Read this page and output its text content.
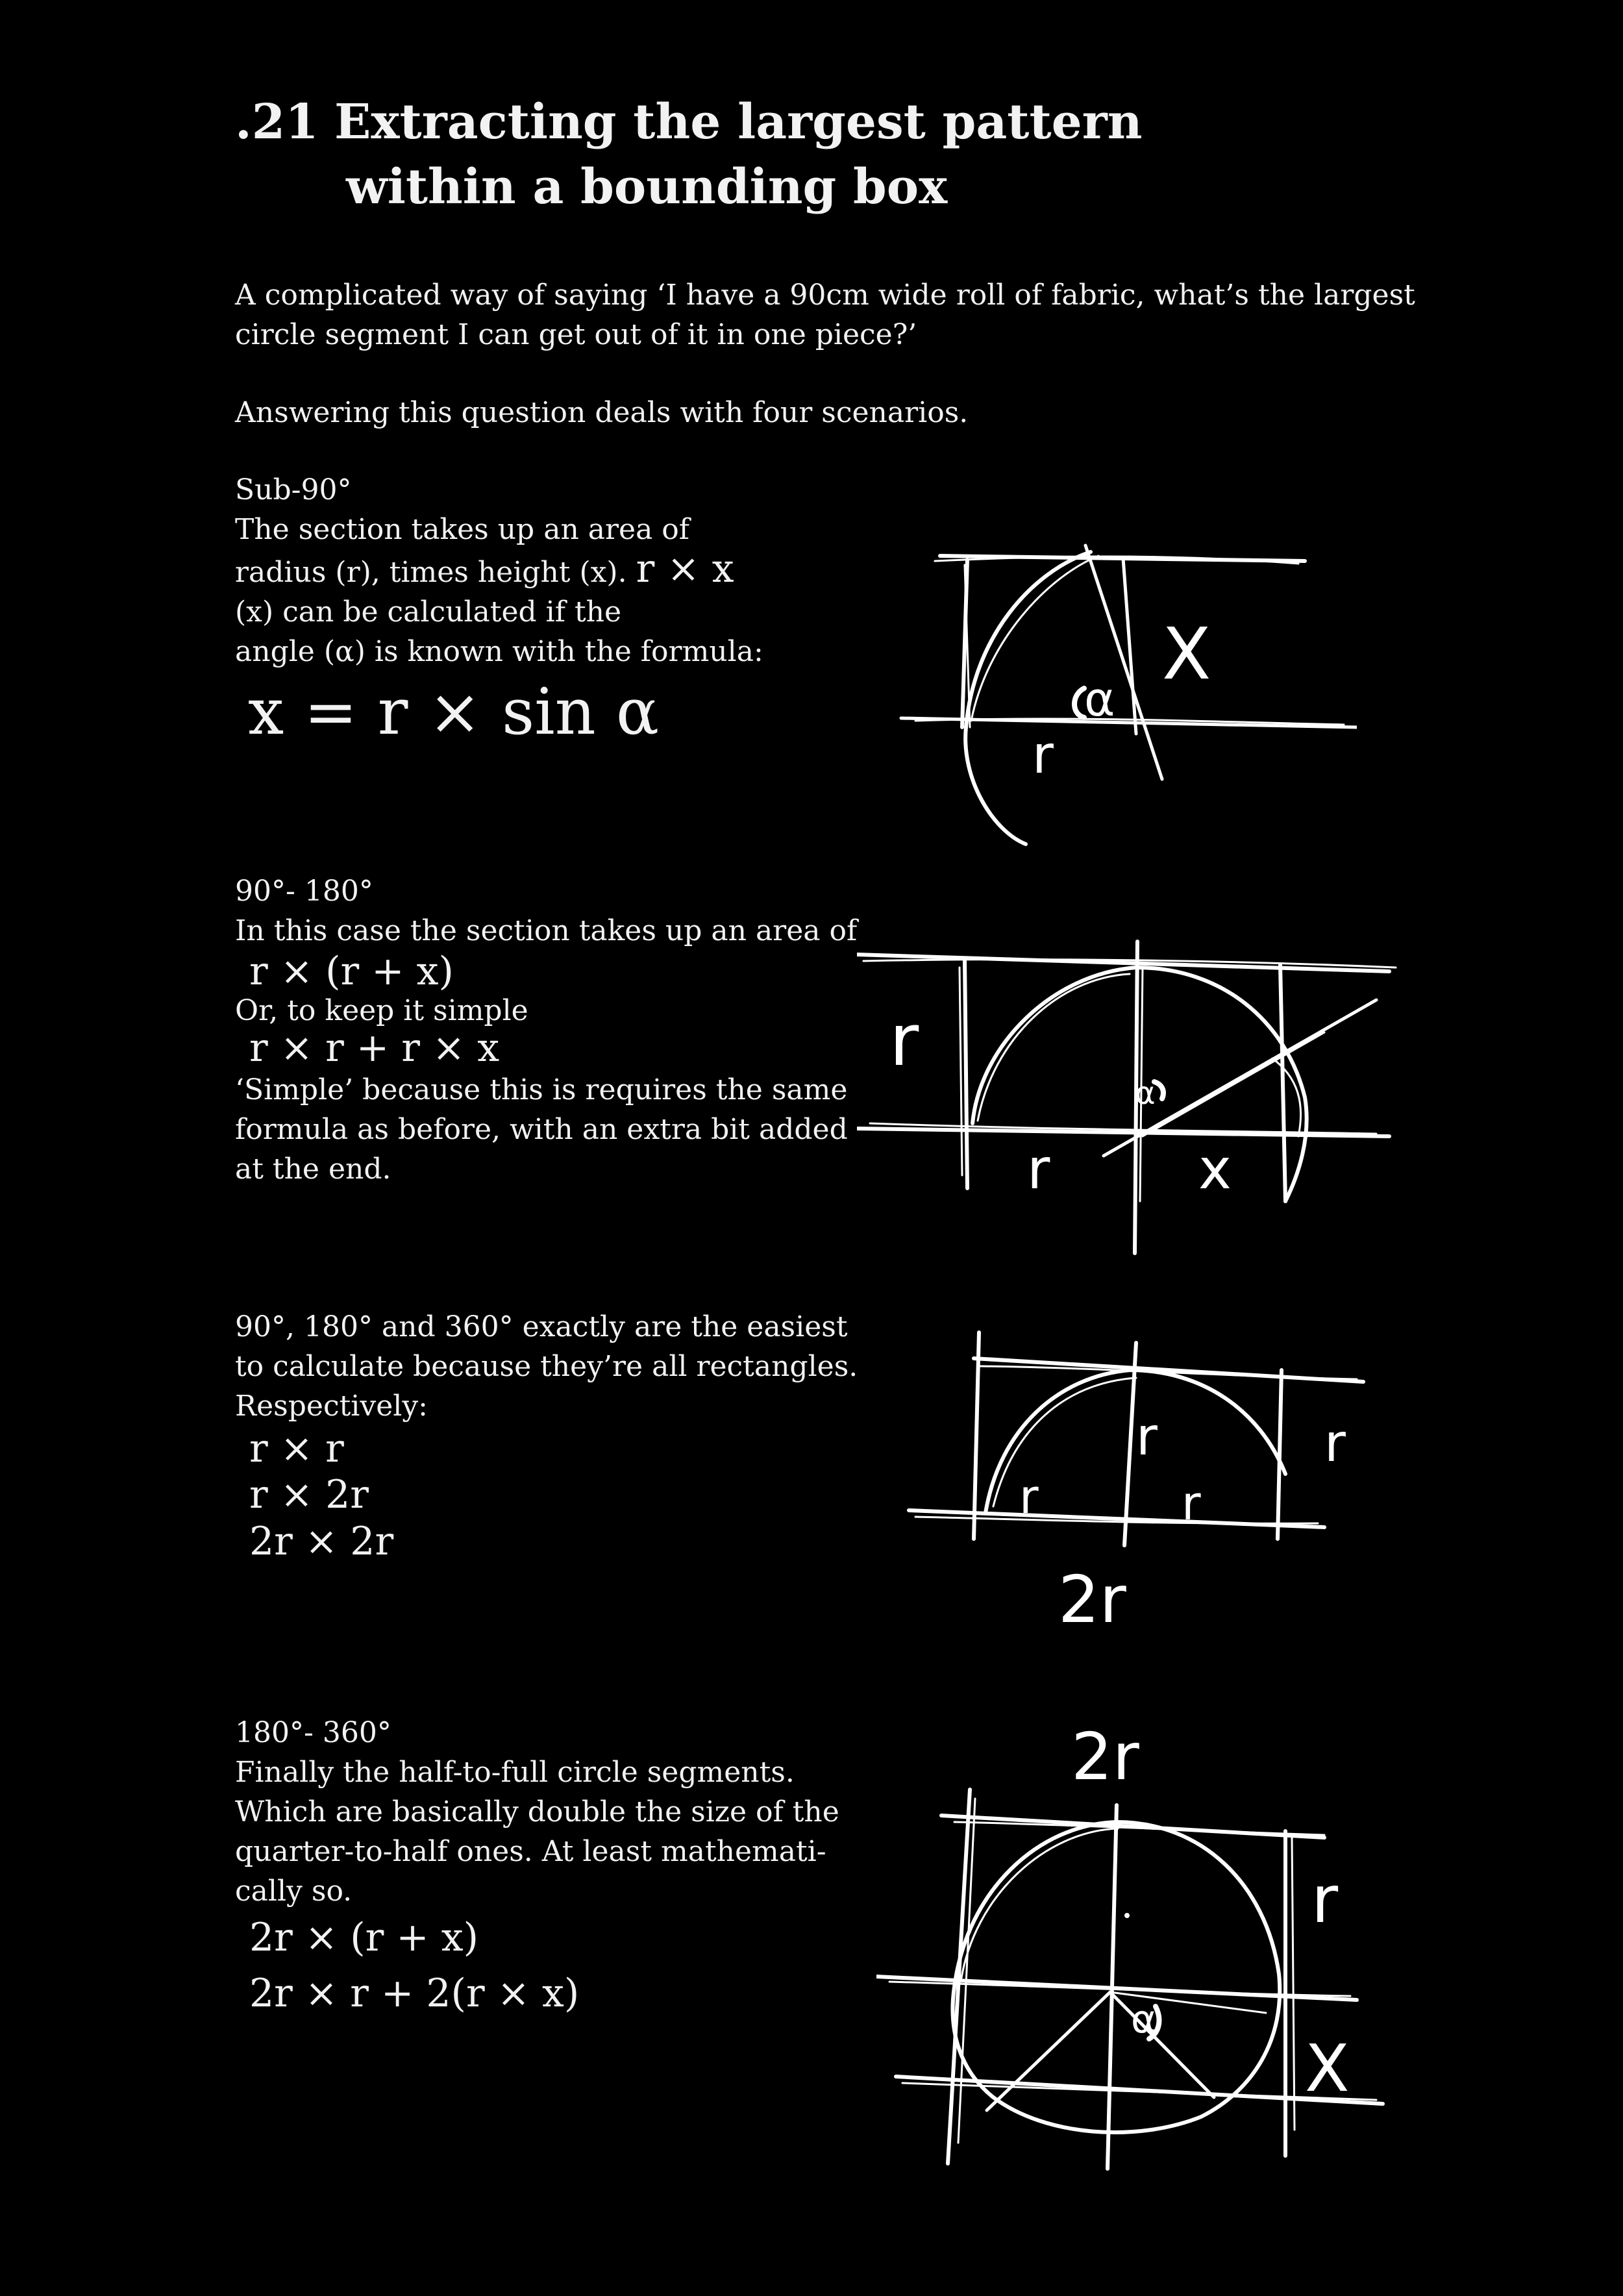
.21 Extracting the largest pattern
within a bounding box
A complicated way of saying ‘I have a 90cm wide roll of fabric, what’s the largest
circle segment I can get out of it in one piece?’
Answering this question deals with four scenarios.
Sub-90°
The section takes up an area of
radius (r), times height (x). r × x
(x) can be calculated if the
angle (α) is known with the formula:
x = r × sin α
90°- 180°
In this case the section takes up an area of
r × (r + x)
Or, to keep it simple
r × r + r × x
‘Simple’ because this is requires the same
formula as before, with an extra bit added
at the end.
90°, 180° and 360° exactly are the easiest
to calculate because they’re all rectangles.
Respectively:
r × r
r × 2r
2r × 2r
180°- 360°
Finally the half-to-full circle segments.
Which are basically double the size of the
quarter-to-half ones. At least mathemati-
cally so.
2r × (r + x)
2r × r + 2(r × x)
α
X
r
α
r
r	x
r	r
r	r
2r
α
2r
r
X
